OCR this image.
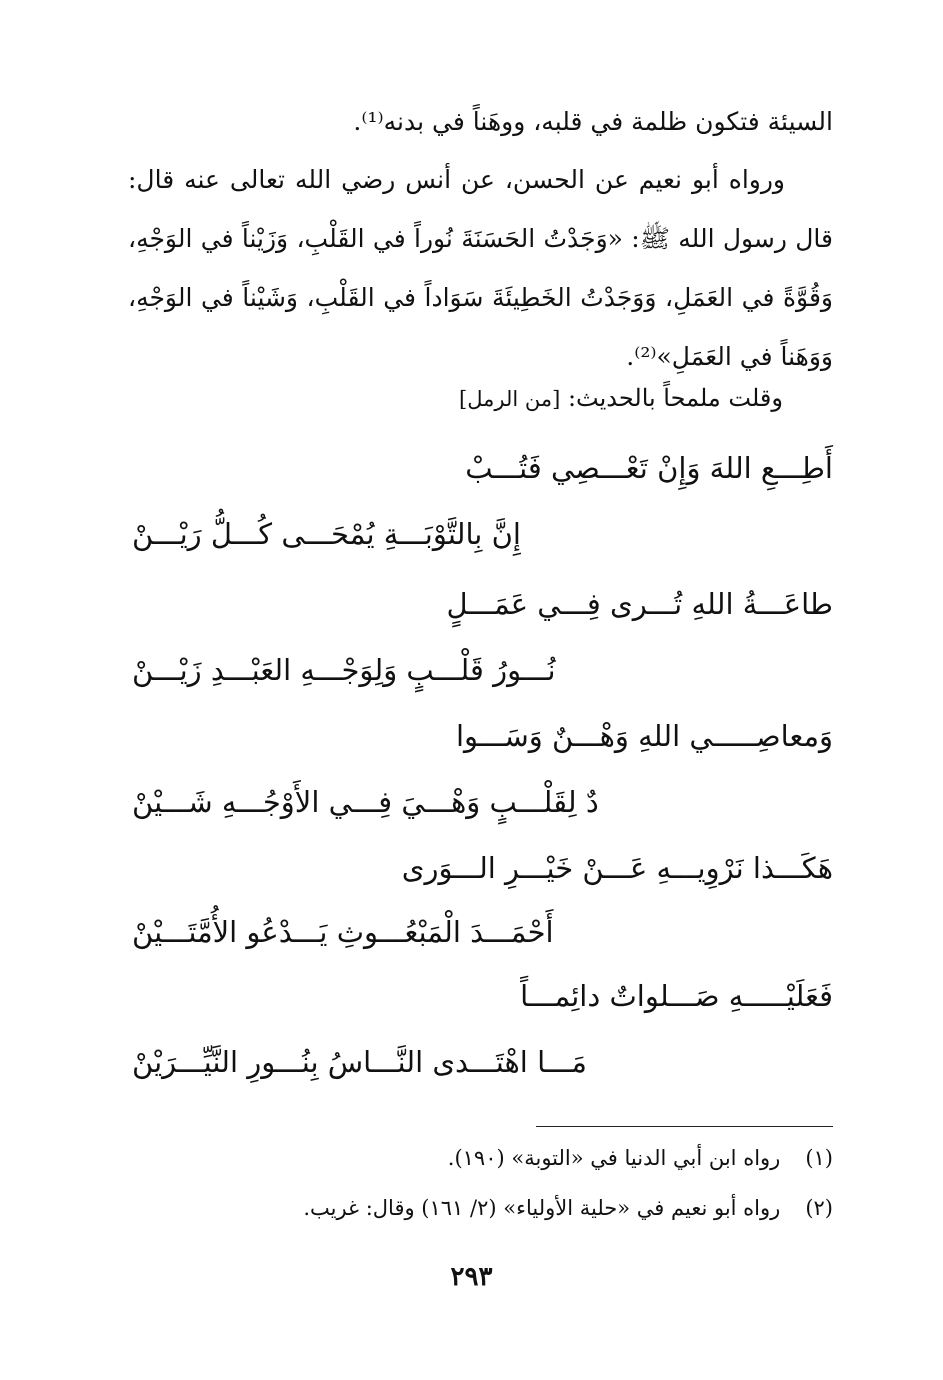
السيئة فتكون ظلمة في قلبه، ووهَناً في بدنه⁽¹⁾.

ورواه أبو نعيم عن الحسن، عن أنس رضي الله تعالى عنه قال: قال رسول الله ﷺ: «وَجَدْتُ الحَسَنَةَ نُوراً في القَلْبِ، وَزَيْناً في الوَجْهِ، وَقُوَّةً في العَمَلِ، وَوَجَدْتُ الخَطِيئَةَ سَوَاداً في القَلْبِ، وَشَيْناً في الوَجْهِ، وَوَهَناً في العَمَلِ»⁽²⁾.

وقلت ملمحاً بالحديث: [من الرمل]
أَطِـــعِ اللهَ وَإِنْ تَعْـــصِي فَتُـــبْ
إِنَّ بِالتَّوْبَـــةِ يُمْحَـــى كُـــلُّ رَيْـــنْ
طاعَـــةُ اللهِ تُـــرى فِـــي عَمَـــلٍ
نُـــورُ قَلْـــبٍ وَلِوَجْـــهِ العَبْـــدِ زَيْـــنْ
وَمعاصِـــــي اللهِ وَهْـــنٌ وَسَـــوا
دٌ لِقَلْـــبٍ وَهْـــيَ فِـــي الأَوْجُـــهِ شَـــيْنْ
هَكَـــذا نَرْوِيـــهِ عَـــنْ خَيْـــرِ الـــوَرى
أَحْمَـــدَ الْمَبْعُـــوثِ يَـــدْعُو الأُمَّتَـــيْنْ
فَعَلَيْـــــهِ صَـــلواتٌ دائِمـــاً
مَـــا اهْتَـــدى النَّـــاسُ بِنُـــورِ النَّيِّـــرَيْنْ
(١) رواه ابن أبي الدنيا في «التوبة» (١٩٠).
(٢) رواه أبو نعيم في «حلية الأولياء» (٢/ ١٦١) وقال: غريب.
٢٩٣
